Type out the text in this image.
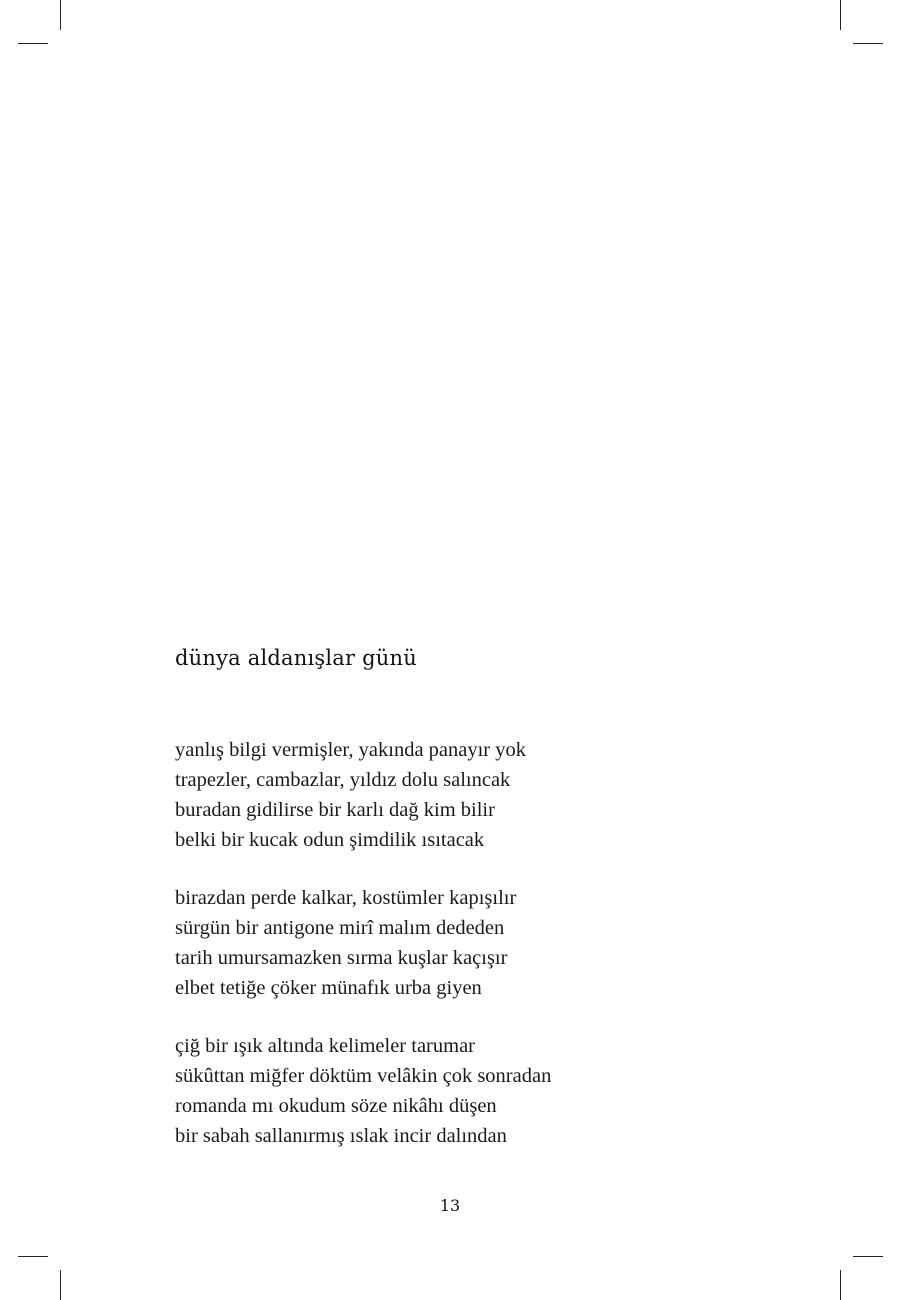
dünya aldanışlar günü
yanlış bilgi vermişler, yakında panayır yok
trapezler, cambazlar, yıldız dolu salıncak
buradan gidilirse bir karlı dağ kim bilir
belki bir kucak odun şimdilik ısıtacak
birazdan perde kalkar, kostümler kapışılır
sürgün bir antigone mirî malım dededen
tarih umursamazken sırma kuşlar kaçışır
elbet tetiğe çöker münafık urba giyen
çiğ bir ışık altında kelimeler tarumar
sükûttan miğfer döktüm velâkin çok sonradan
romanda mı okudum söze nikâhı düşen
bir sabah sallanırmış ıslak incir dalından
13
